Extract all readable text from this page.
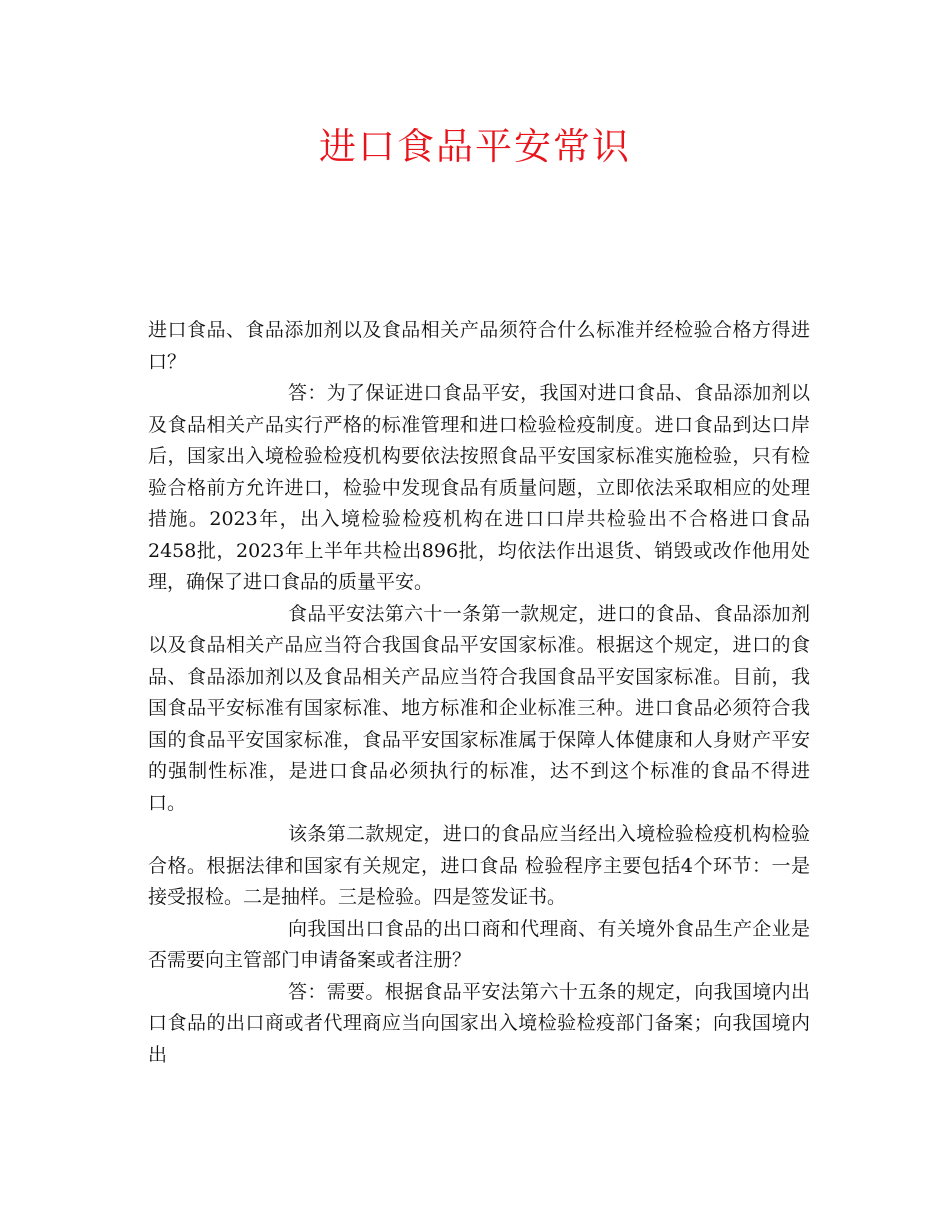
进口食品平安常识

进口食品、食品添加剂以及食品相关产品须符合什么标准并经检验合格方得进口？

答：为了保证进口食品平安，我国对进口食品、食品添加剂以及食品相关产品实行严格的标准管理和进口检验检疫制度。进口食品到达口岸后，国家出入境检验检疫机构要依法按照食品平安国家标准实施检验，只有检验合格前方允许进口，检验中发现食品有质量问题，立即依法采取相应的处理措施。2023年，出入境检验检疫机构在进口口岸共检验出不合格进口食品2458批，2023年上半年共检出896批，均依法作出退货、销毁或改作他用处理，确保了进口食品的质量平安。

食品平安法第六十一条第一款规定，进口的食品、食品添加剂以及食品相关产品应当符合我国食品平安国家标准。根据这个规定，进口的食品、食品添加剂以及食品相关产品应当符合我国食品平安国家标准。目前，我国食品平安标准有国家标准、地方标准和企业标准三种。进口食品必须符合我国的食品平安国家标准，食品平安国家标准属于保障人体健康和人身财产平安的强制性标准，是进口食品必须执行的标准，达不到这个标准的食品不得进口。

该条第二款规定，进口的食品应当经出入境检验检疫机构检验合格。根据法律和国家有关规定，进口食品 检验程序主要包括4个环节：一是接受报检。二是抽样。三是检验。四是签发证书。

向我国出口食品的出口商和代理商、有关境外食品生产企业是否需要向主管部门申请备案或者注册？

答：需要。根据食品平安法第六十五条的规定，向我国境内出口食品的出口商或者代理商应当向国家出入境检验检疫部门备案；向我国境内出
